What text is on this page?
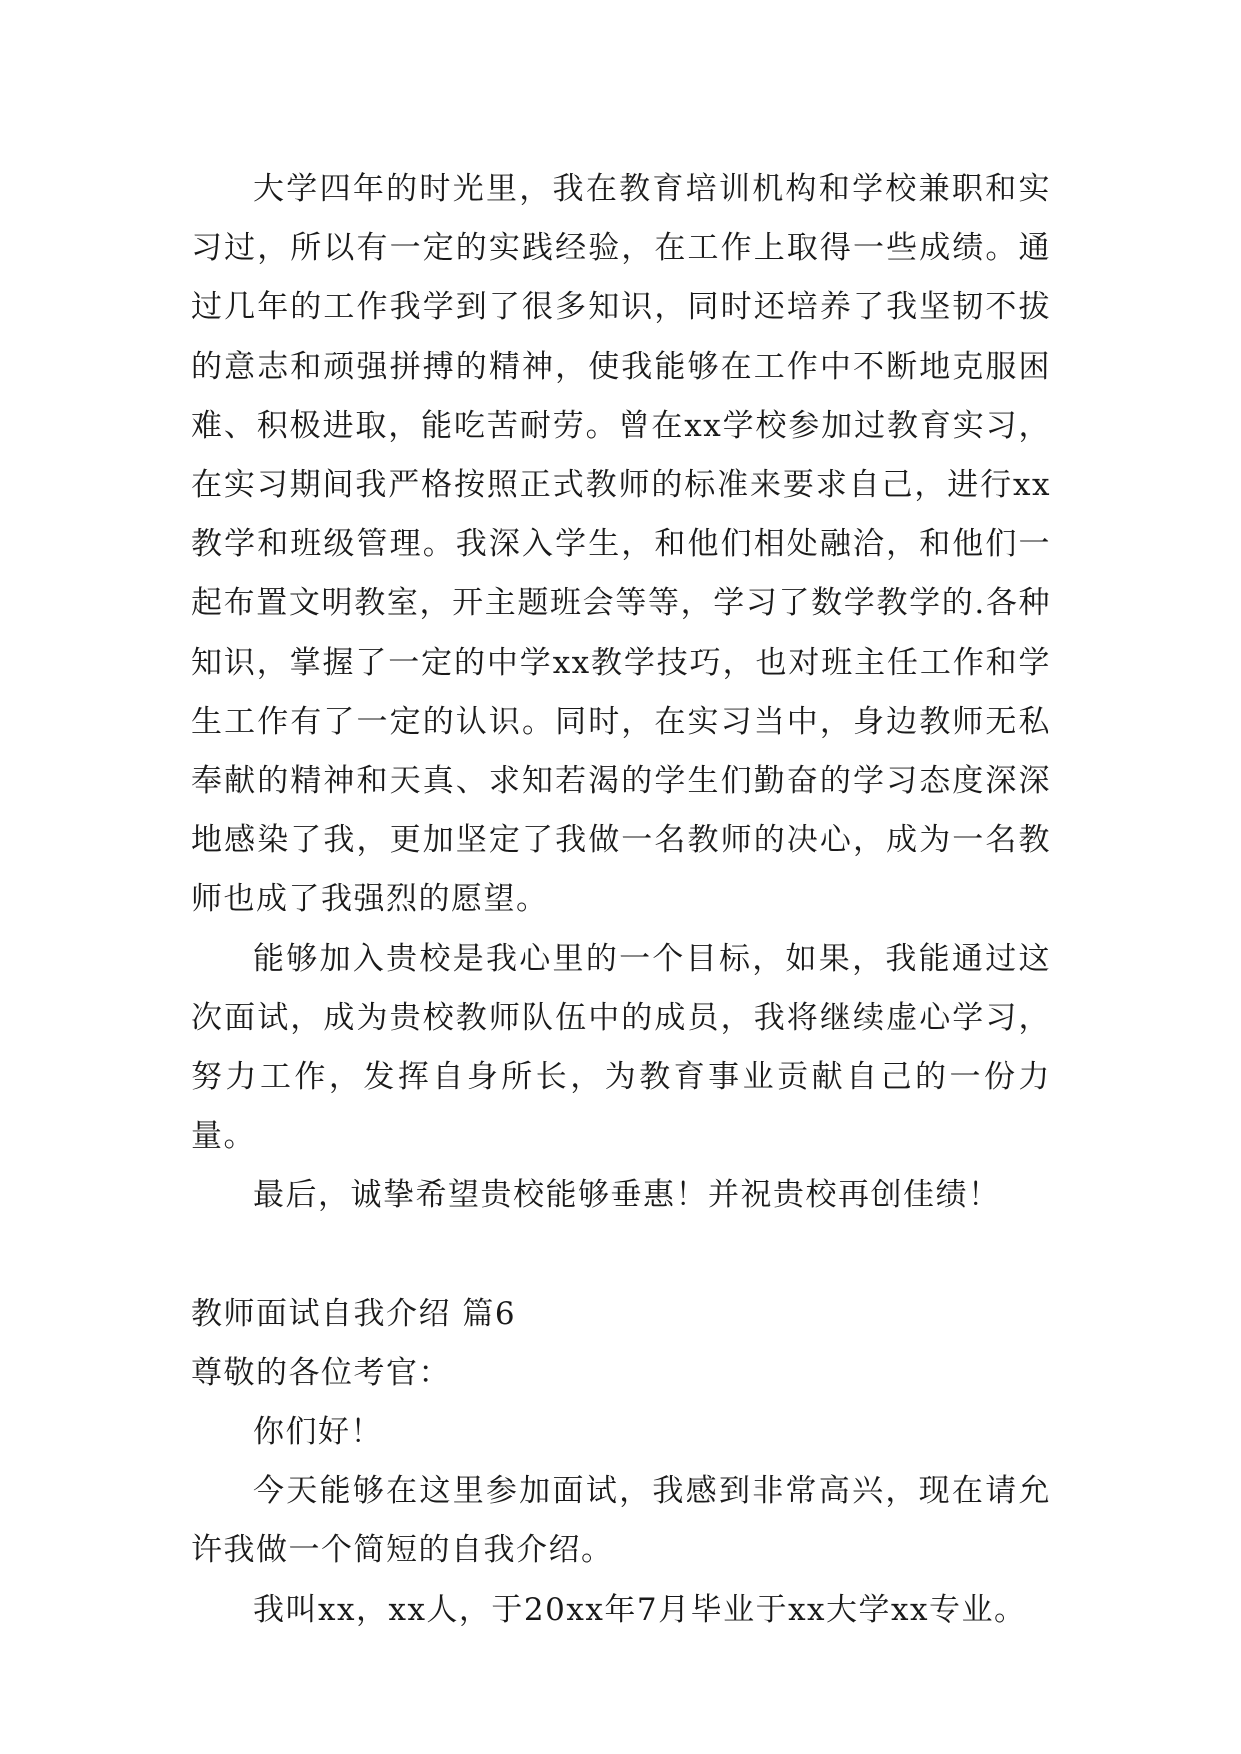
大学四年的时光里，我在教育培训机构和学校兼职和实习过，所以有一定的实践经验，在工作上取得一些成绩。通过几年的工作我学到了很多知识，同时还培养了我坚韧不拔的意志和顽强拼搏的精神，使我能够在工作中不断地克服困难、积极进取，能吃苦耐劳。曾在xx学校参加过教育实习，在实习期间我严格按照正式教师的标准来要求自己，进行xx教学和班级管理。我深入学生，和他们相处融洽，和他们一起布置文明教室，开主题班会等等，学习了数学教学的.各种知识，掌握了一定的中学xx教学技巧，也对班主任工作和学生工作有了一定的认识。同时，在实习当中，身边教师无私奉献的精神和天真、求知若渴的学生们勤奋的学习态度深深地感染了我，更加坚定了我做一名教师的决心，成为一名教师也成了我强烈的愿望。

能够加入贵校是我心里的一个目标，如果，我能通过这次面试，成为贵校教师队伍中的成员，我将继续虚心学习，努力工作，发挥自身所长，为教育事业贡献自己的一份力量。

最后，诚挚希望贵校能够垂惠！并祝贵校再创佳绩！

教师面试自我介绍 篇6

尊敬的各位考官：

你们好！

今天能够在这里参加面试，我感到非常高兴，现在请允许我做一个简短的自我介绍。

我叫xx，xx人，于20xx年7月毕业于xx大学xx专业。
